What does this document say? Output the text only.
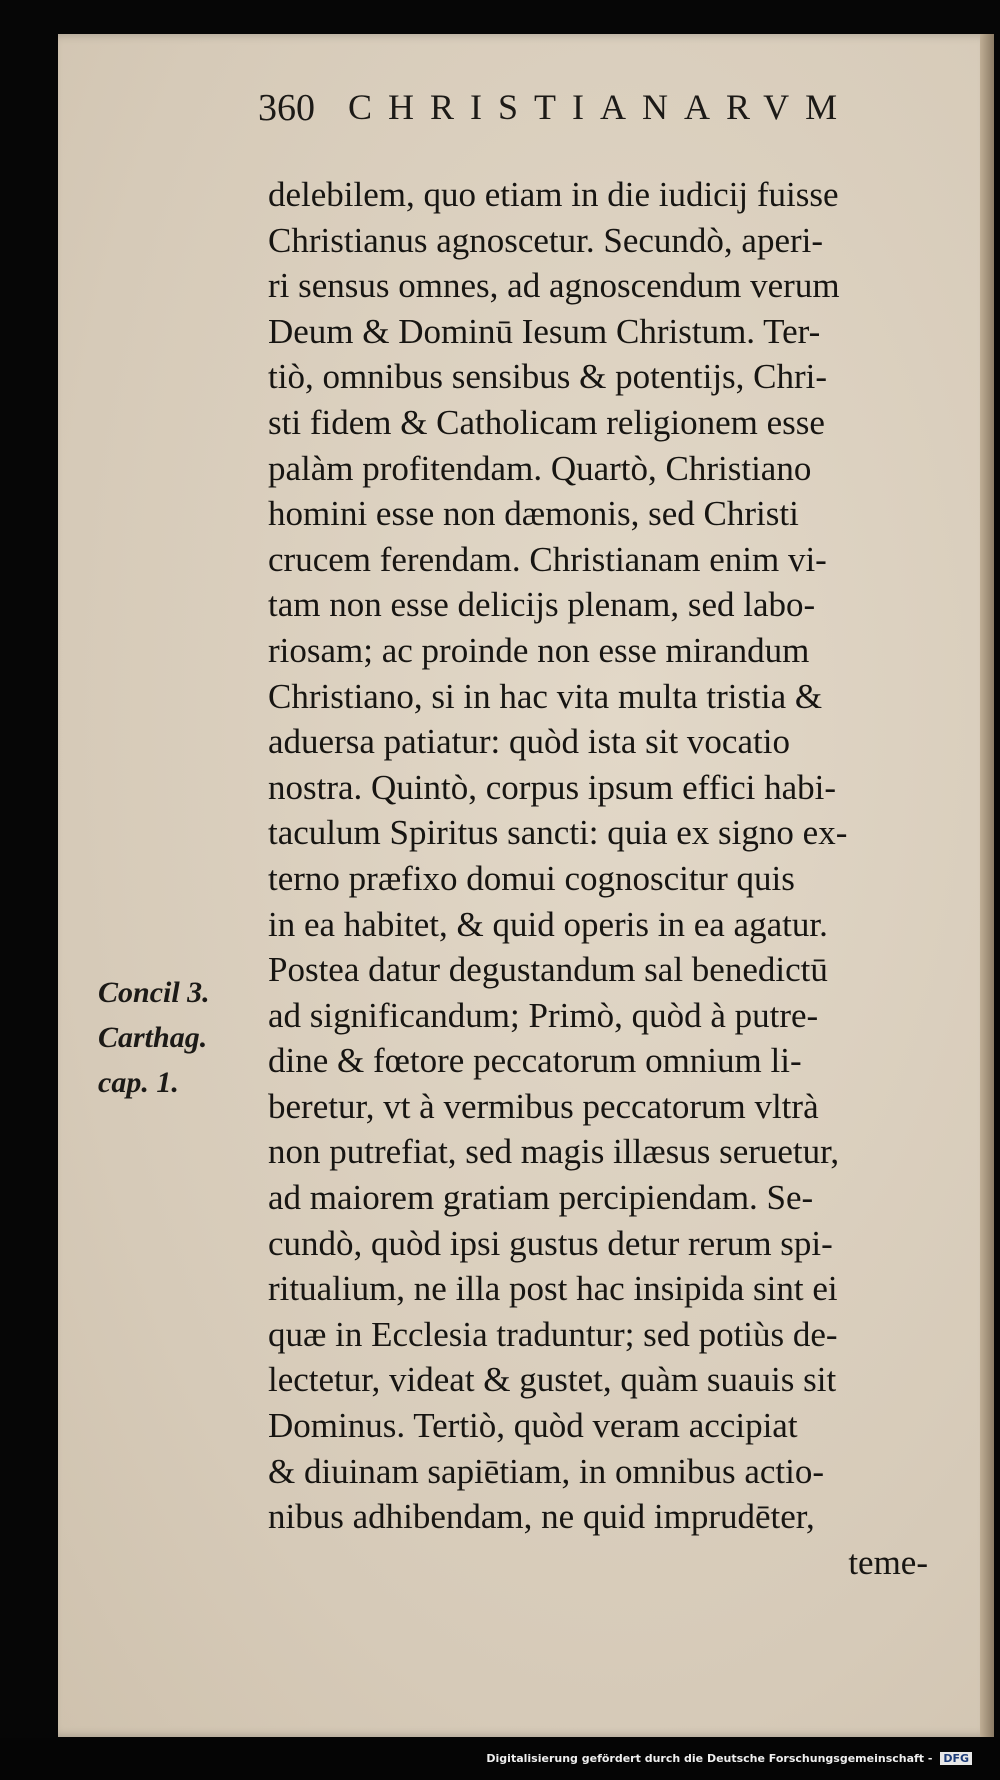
360 CHRISTIANARVM
delebilem, quo etiam in die iudicij fuisse
Christianus agnoscetur. Secundò, aperi-
ri sensus omnes, ad agnoscendum verum
Deum & Dominū Iesum Christum. Ter-
tiò, omnibus sensibus & potentijs, Chri-
sti fidem & Catholicam religionem esse
palàm profitendam. Quartò, Christiano
homini esse non dæmonis, sed Christi
crucem ferendam. Christianam enim vi-
tam non esse delicijs plenam, sed labo-
riosam; ac proinde non esse mirandum
Christiano, si in hac vita multa tristia &
aduersa patiatur: quòd ista sit vocatio
nostra. Quintò, corpus ipsum effici habi-
taculum Spiritus sancti: quia ex signo ex-
terno præfixo domui cognoscitur quis
in ea habitet, & quid operis in ea agatur.
Postea datur degustandum sal benedictū
ad significandum; Primò, quòd à putre-
dine & fœtore peccatorum omnium li-
beretur, vt à vermibus peccatorum vltrà
non putrefiat, sed magis illæsus seruetur,
ad maiorem gratiam percipiendam. Se-
cundò, quòd ipsi gustus detur rerum spi-
ritualium, ne illa post hac insipida sint ei
quæ in Ecclesia traduntur; sed potiùs de-
lectetur, videat & gustet, quàm suauis sit
Dominus. Tertiò, quòd veram accipiat
& diuinam sapiētiam, in omnibus actio-
nibus adhibendam, ne quid imprudēter,
teme-
Concil 3.
Carthag.
cap. 1.
Digitalisierung gefördert durch die Deutsche Forschungsgemeinschaft - DFG
